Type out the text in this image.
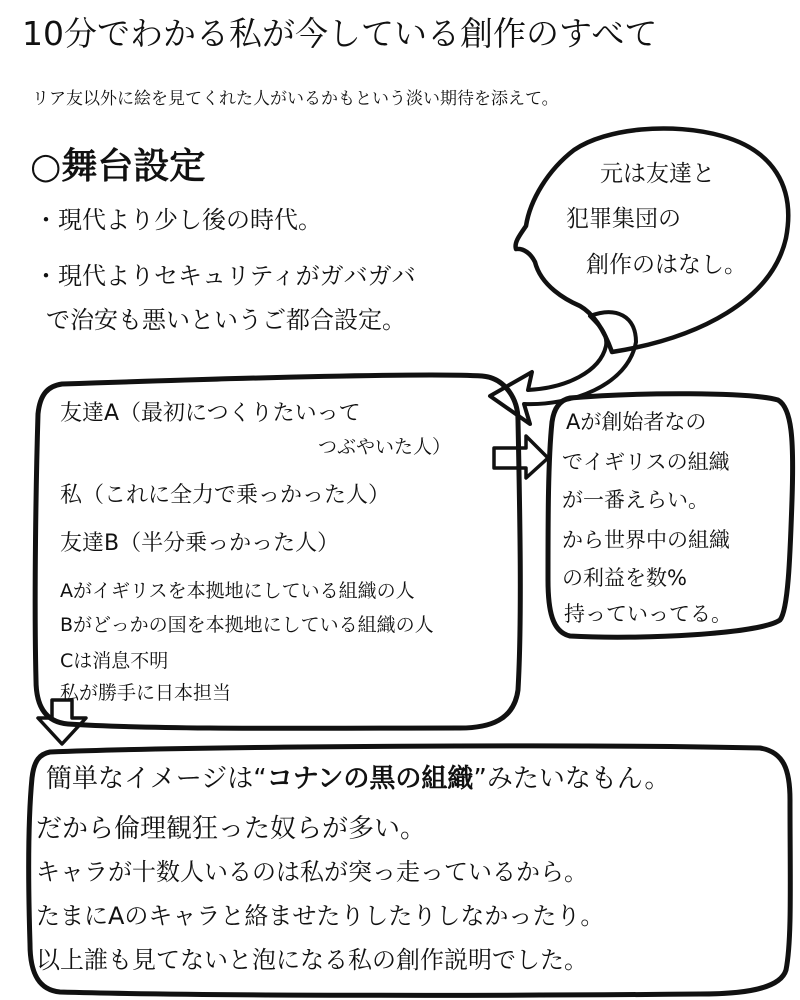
10分でわかる私が今している創作のすべて
リア友以外に絵を見てくれた人がいるかもという淡い期待を添えて。
○舞台設定
・現代より少し後の時代。
・現代よりセキュリティがガバガバ
で治安も悪いというご都合設定。
元は友達と
犯罪集団の
創作のはなし。
友達A（最初につくりたいって
つぶやいた人）
私（これに全力で乗っかった人）
友達B（半分乗っかった人）
Aがイギリスを本拠地にしている組織の人
Bがどっかの国を本拠地にしている組織の人
Cは消息不明
私が勝手に日本担当
Aが創始者なの
でイギリスの組織
が一番えらい。
から世界中の組織
の利益を数%
持っていってる。
簡単なイメージは“コナンの黒の組織”みたいなもん。
だから倫理観狂った奴らが多い。
キャラが十数人いるのは私が突っ走っているから。
たまにAのキャラと絡ませたりしたりしなかったり。
以上誰も見てないと泡になる私の創作説明でした。
